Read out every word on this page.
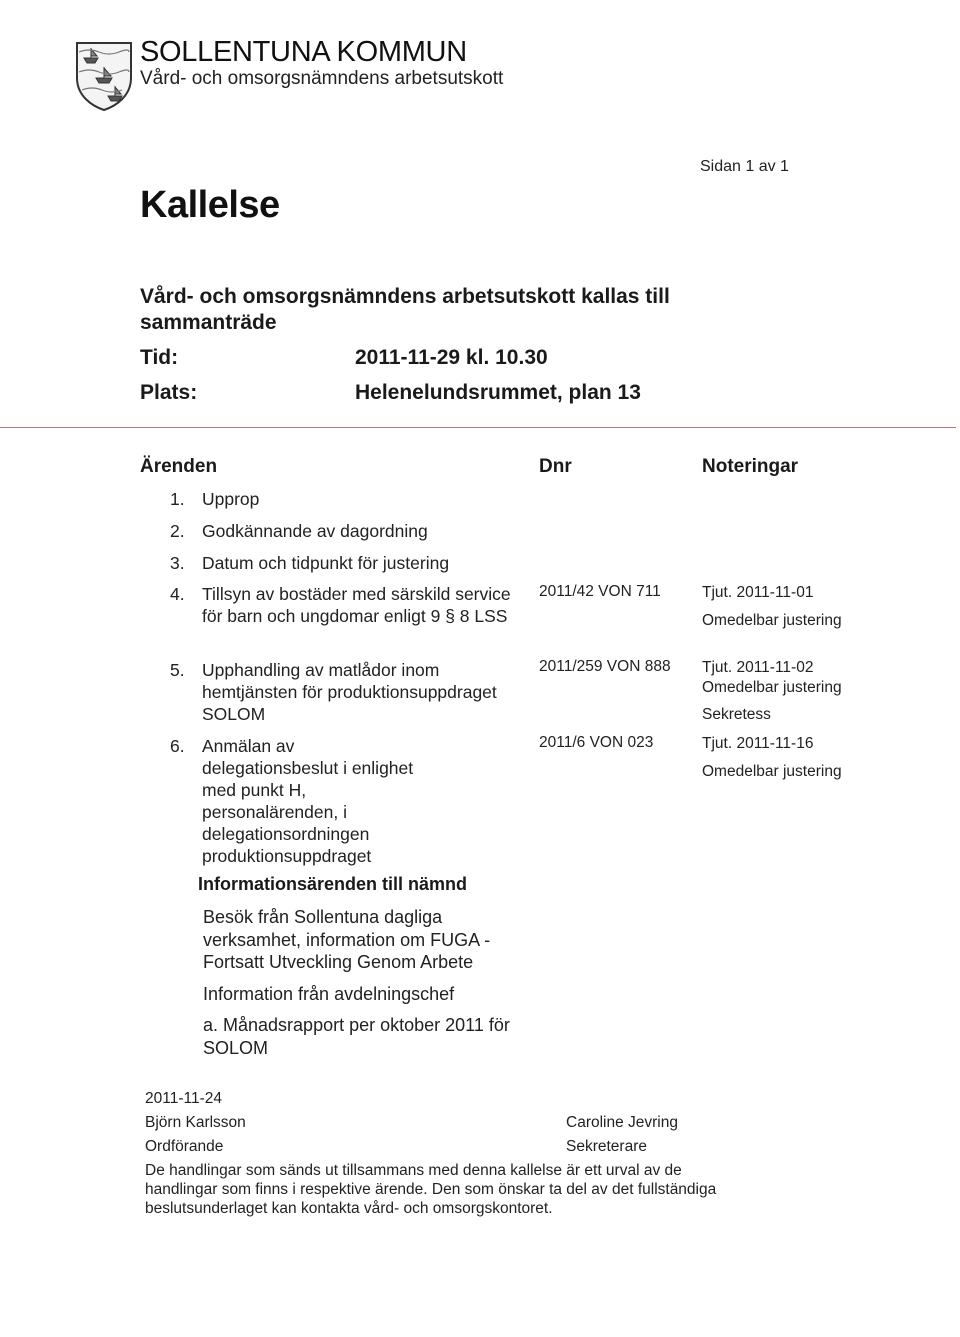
SOLLENTUNA KOMMUN
Vård- och omsorgsnämndens arbetsutskott
Sidan 1 av 1
Kallelse
Vård- och omsorgsnämndens arbetsutskott kallas till sammanträde
Tid:	2011-11-29 kl. 10.30
Plats:	Helenelundsrummet, plan 13
Ärenden	Dnr	Noteringar
1. Upprop
2. Godkännande av dagordning
3. Datum och tidpunkt för justering
4. Tillsyn av bostäder med särskild service för barn och ungdomar enligt 9 § 8 LSS
2011/42 VON 711	Tjut. 2011-11-01
Omedelbar justering
5. Upphandling av matlådor inom hemtjänsten för produktionsuppdraget SOLOM
2011/259 VON 888 Tjut. 2011-11-02
Omedelbar justering
Sekretess
6. Anmälan av delegationsbeslut i enlighet med punkt H, personalärenden, i delegationsordningen produktionsuppdraget
2011/6 VON 023	Tjut. 2011-11-16
Omedelbar justering
Informationsärenden till nämnd
Besök från Sollentuna dagliga verksamhet, information om FUGA - Fortsatt Utveckling Genom Arbete
Information från avdelningschef
a. Månadsrapport per oktober 2011 för SOLOM
2011-11-24
Björn Karlsson
Ordförande
Caroline Jevring
Sekreterare
De handlingar som sänds ut tillsammans med denna kallelse är ett urval av de handlingar som finns i respektive ärende. Den som önskar ta del av det fullständiga beslutsunderlaget kan kontakta vård- och omsorgskontoret.
